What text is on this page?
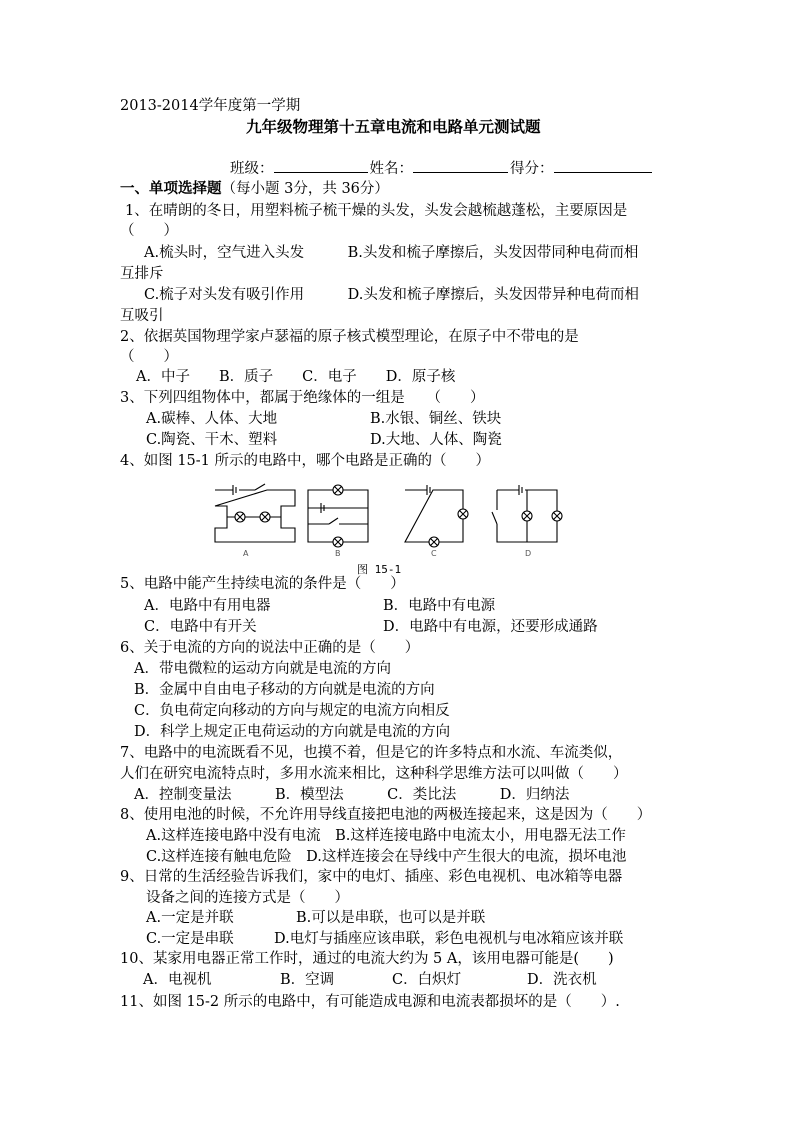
2013-2014学年度第一学期
九年级物理第十五章电流和电路单元测试题
班级：	姓名：	得分：
一、单项选择题（每小题 3分，共 36分）
1、在晴朗的冬日，用塑料梳子梳干燥的头发，头发会越梳越蓬松，主要原因是
（　　）
A.梳头时，空气进入头发　　　B.头发和梳子摩擦后，头发因带同种电荷而相
互排斥
C.梳子对头发有吸引作用　　　D.头发和梳子摩擦后，头发因带异种电荷而相
互吸引
2、依据英国物理学家卢瑟福的原子核式模型理论，在原子中不带电的是
（　　）
A．中子　　B．质子　　C．电子　　D．原子核
3、下列四组物体中，都属于绝缘体的一组是　　（　　）
A.碳棒、人体、大地	B.水银、铜丝、铁块
C.陶瓷、干木、塑料	D.大地、人体、陶瓷
4、如图 15-1 所示的电路中，哪个电路是正确的（　　）
A	B	C	D
图 15-1
5、电路中能产生持续电流的条件是（　　）
A．电路中有用电器	B．电路中有电源
C．电路中有开关	D．电路中有电源，还要形成通路
6、关于电流的方向的说法中正确的是（　　）
A．带电微粒的运动方向就是电流的方向
B．金属中自由电子移动的方向就是电流的方向
C．负电荷定向移动的方向与规定的电流方向相反
D．科学上规定正电荷运动的方向就是电流的方向
7、电路中的电流既看不见，也摸不着，但是它的许多特点和水流、车流类似，
人们在研究电流特点时，多用水流来相比，这种科学思维方法可以叫做（　　）
A．控制变量法　　　B．模型法　　　C．类比法　　　D．归纳法
8、使用电池的时候，不允许用导线直接把电池的两极连接起来，这是因为（　　）
A.这样连接电路中没有电流　B.这样连接电路中电流太小，用电器无法工作
C.这样连接有触电危险　D.这样连接会在导线中产生很大的电流，损坏电池
9、日常的生活经验告诉我们，家中的电灯、插座、彩色电视机、电冰箱等电器
设备之间的连接方式是（　　）
A.一定是并联	B.可以是串联，也可以是并联
C.一定是串联	D.电灯与插座应该串联，彩色电视机与电冰箱应该并联
10、某家用电器正常工作时，通过的电流大约为 5 A，该用电器可能是(　　)
A．电视机	B．空调	C．白炽灯	D．洗衣机
11、如图 15-2 所示的电路中，有可能造成电源和电流表都损坏的是（　　）.
